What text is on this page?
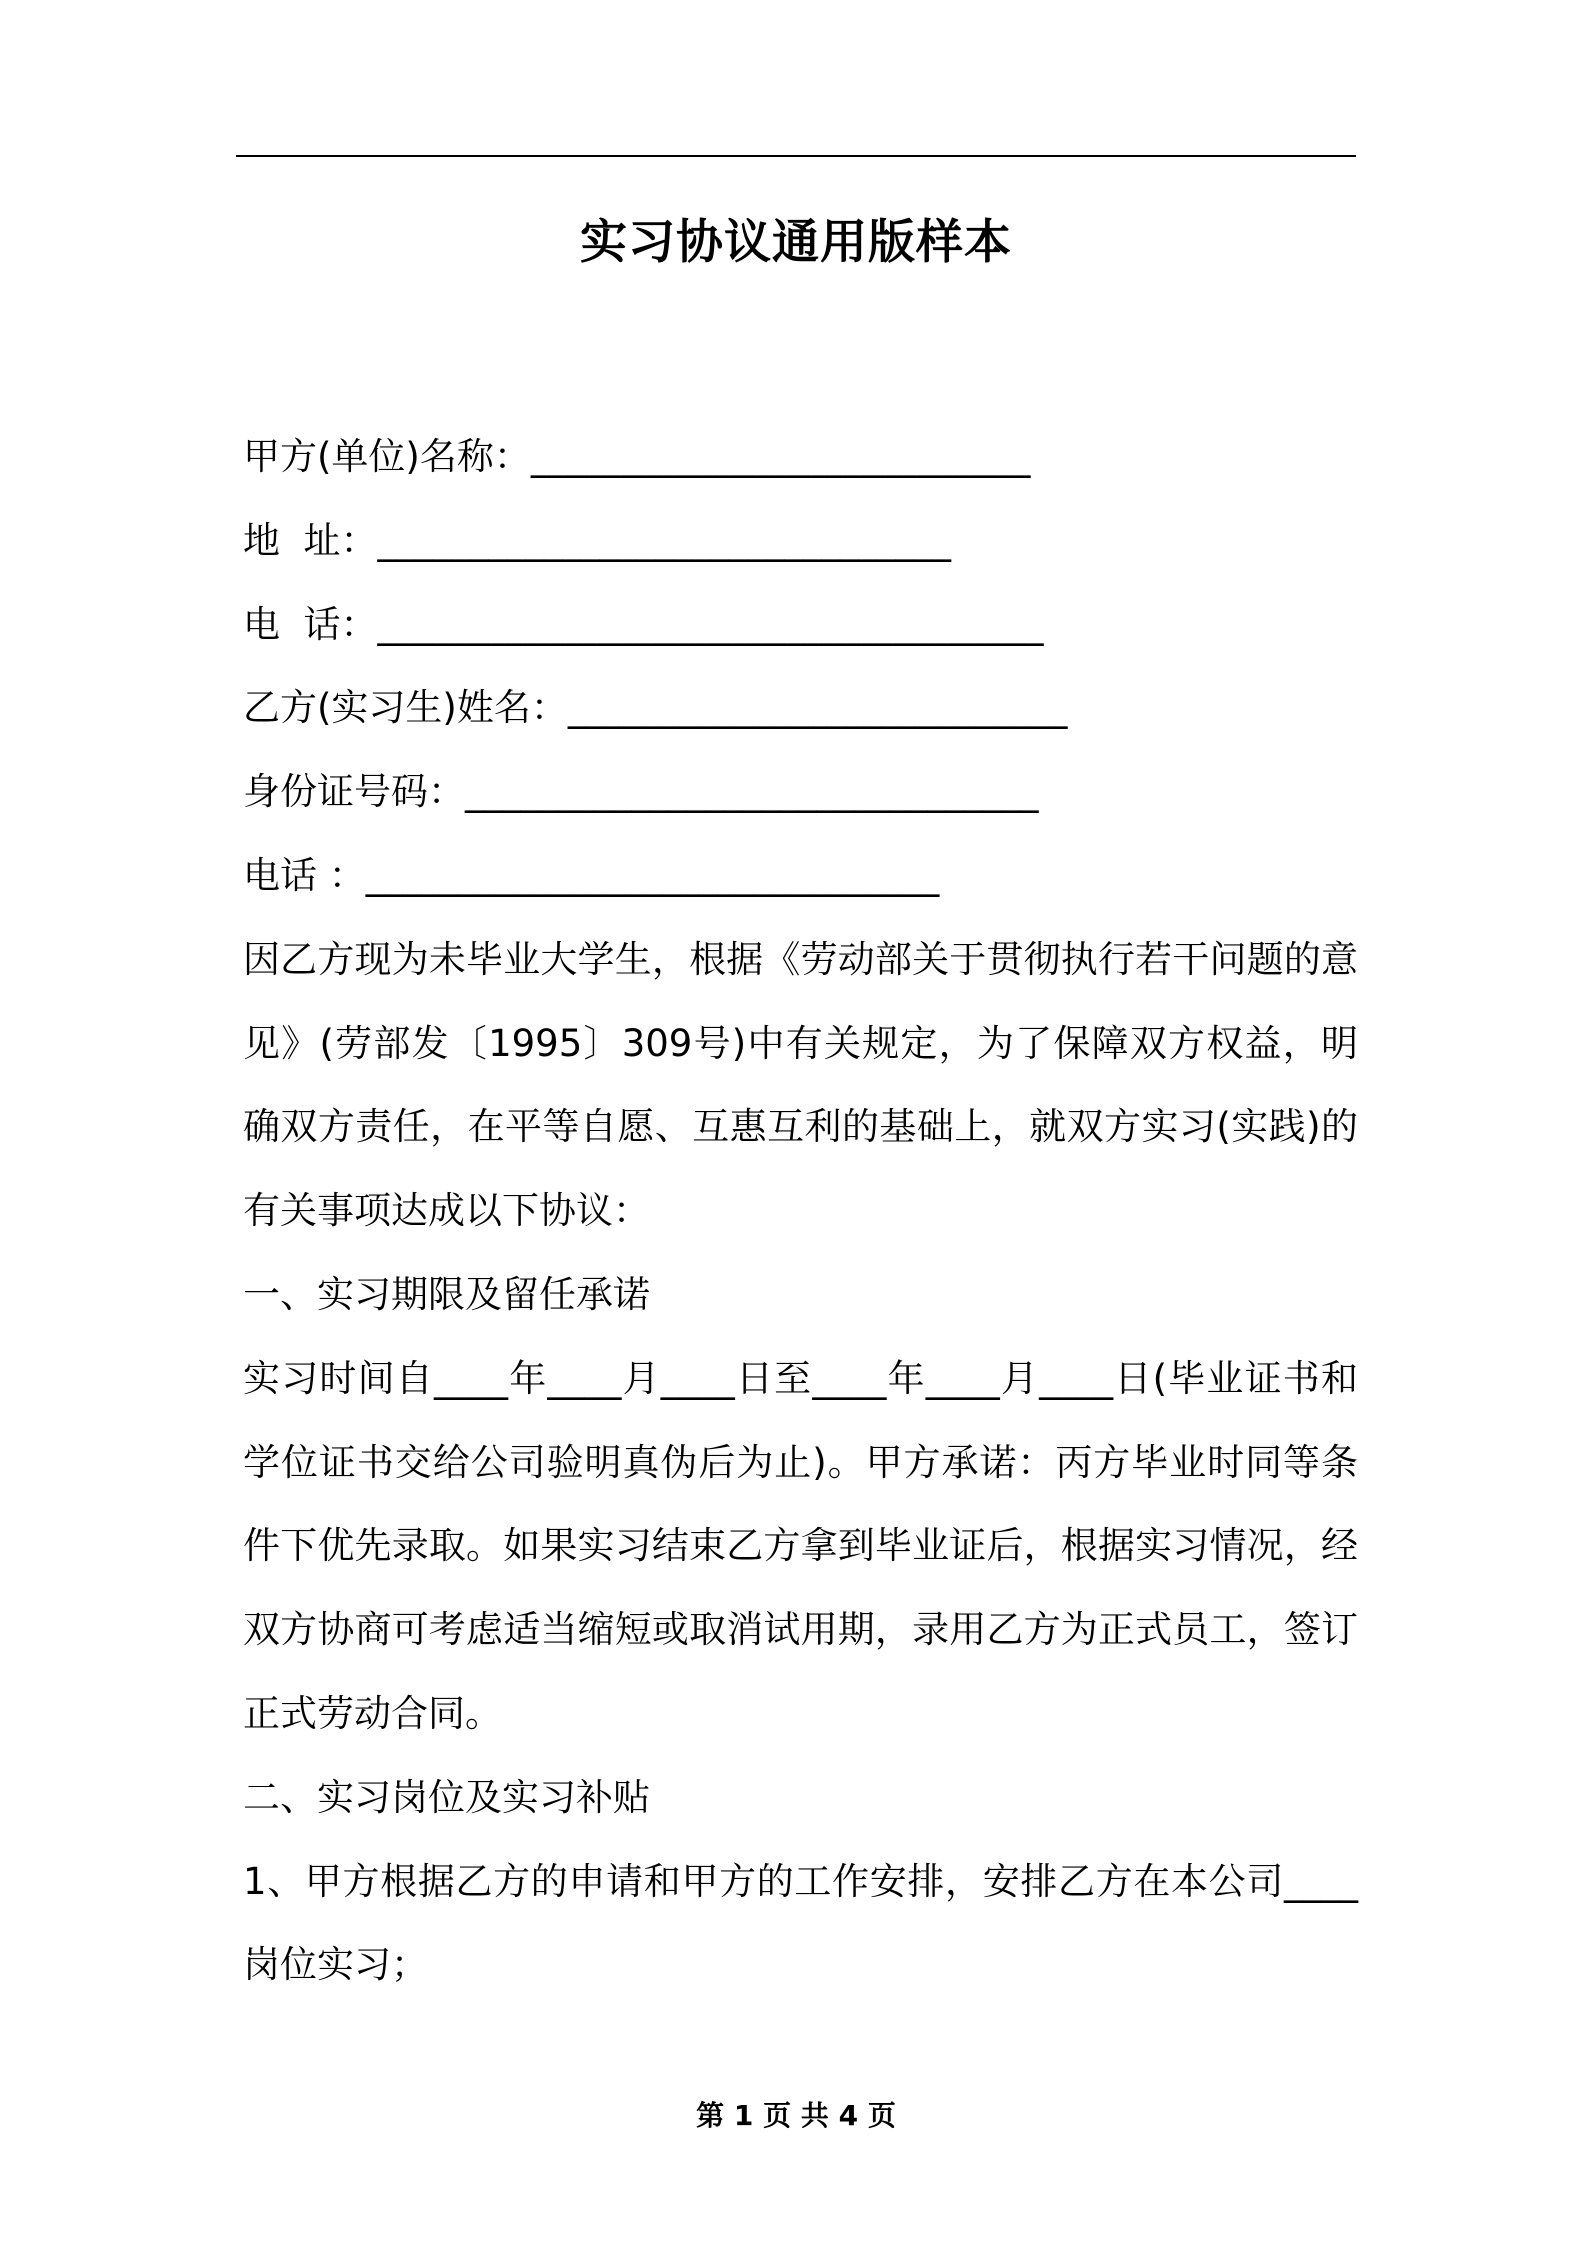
实习协议通用版样本
甲方(单位)名称：___________________________
地  址：_______________________________
电  话：____________________________________
乙方(实习生)姓名：___________________________
身份证号码：_______________________________
电话 ：_______________________________
因乙方现为未毕业大学生，根据《劳动部关于贯彻执行若干问题的意见》(劳部发〔1995〕309号)中有关规定，为了保障双方权益，明确双方责任，在平等自愿、互惠互利的基础上，就双方实习(实践)的有关事项达成以下协议：
一、实习期限及留任承诺
实习时间自____年____月____日至____年____月____日(毕业证书和学位证书交给公司验明真伪后为止)。甲方承诺：丙方毕业时同等条件下优先录取。如果实习结束乙方拿到毕业证后，根据实习情况，经双方协商可考虑适当缩短或取消试用期，录用乙方为正式员工，签订正式劳动合同。
二、实习岗位及实习补贴
1、甲方根据乙方的申请和甲方的工作安排，安排乙方在本公司____岗位实习；
第 1 页 共 4 页
